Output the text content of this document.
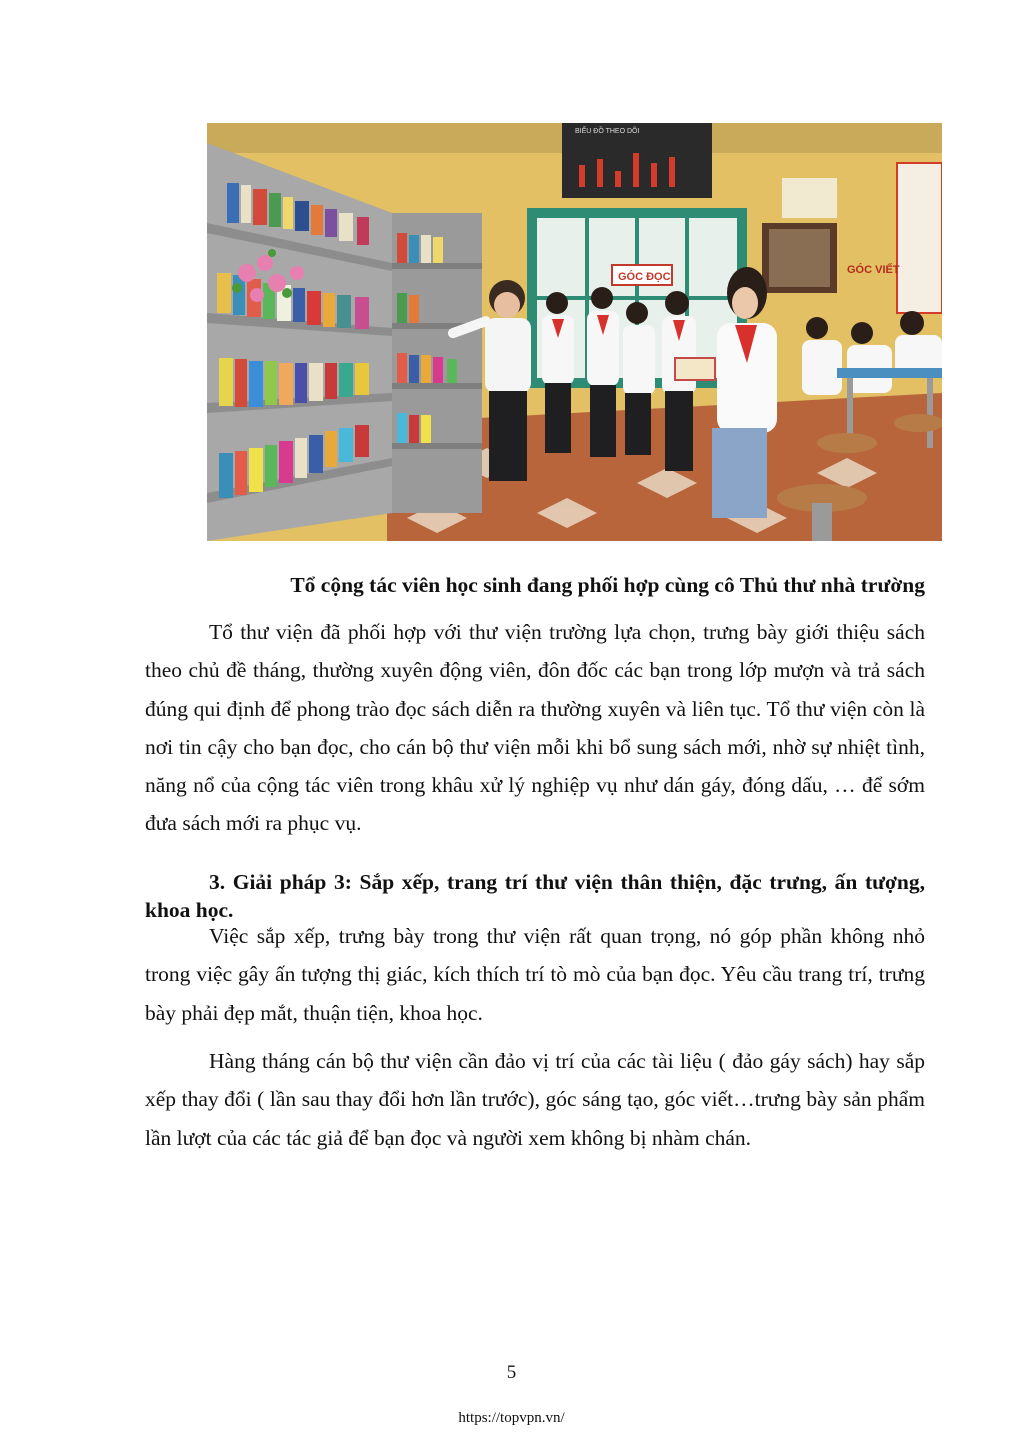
BIỂU ĐỒ THEO DÕI
GÓC ĐỌC
GÓC VIẾT
Tổ cộng tác viên học sinh đang phối hợp cùng cô Thủ thư nhà trường

Tổ thư viện đã phối hợp với thư viện trường lựa chọn, trưng bày giới thiệu sách theo chủ đề tháng, thường xuyên động viên, đôn đốc các bạn trong lớp mượn và trả sách đúng qui định để phong trào đọc sách diễn ra thường xuyên và liên tục. Tổ thư viện còn là nơi tin cậy cho bạn đọc, cho cán bộ thư viện mỗi khi bổ sung sách mới, nhờ sự nhiệt tình, năng nổ của cộng tác viên trong khâu xử lý nghiệp vụ như dán gáy, đóng dấu, … để sớm đưa sách mới ra phục vụ.

3. Giải pháp 3: Sắp xếp, trang trí thư viện thân thiện, đặc trưng, ấn tượng, khoa học.

Việc sắp xếp, trưng bày trong thư viện rất quan trọng, nó góp phần không nhỏ trong việc gây ấn tượng thị giác, kích thích trí tò mò của bạn đọc. Yêu cầu trang trí, trưng bày phải đẹp mắt, thuận tiện, khoa học.

Hàng tháng cán bộ thư viện cần đảo vị trí của các tài liệu ( đảo gáy sách) hay sắp xếp thay đổi ( lần sau thay đổi hơn lần trước), góc sáng tạo, góc viết…trưng bày sản phẩm lần lượt của các tác giả để bạn đọc và người xem không bị nhàm chán.

5
https://topvpn.vn/
